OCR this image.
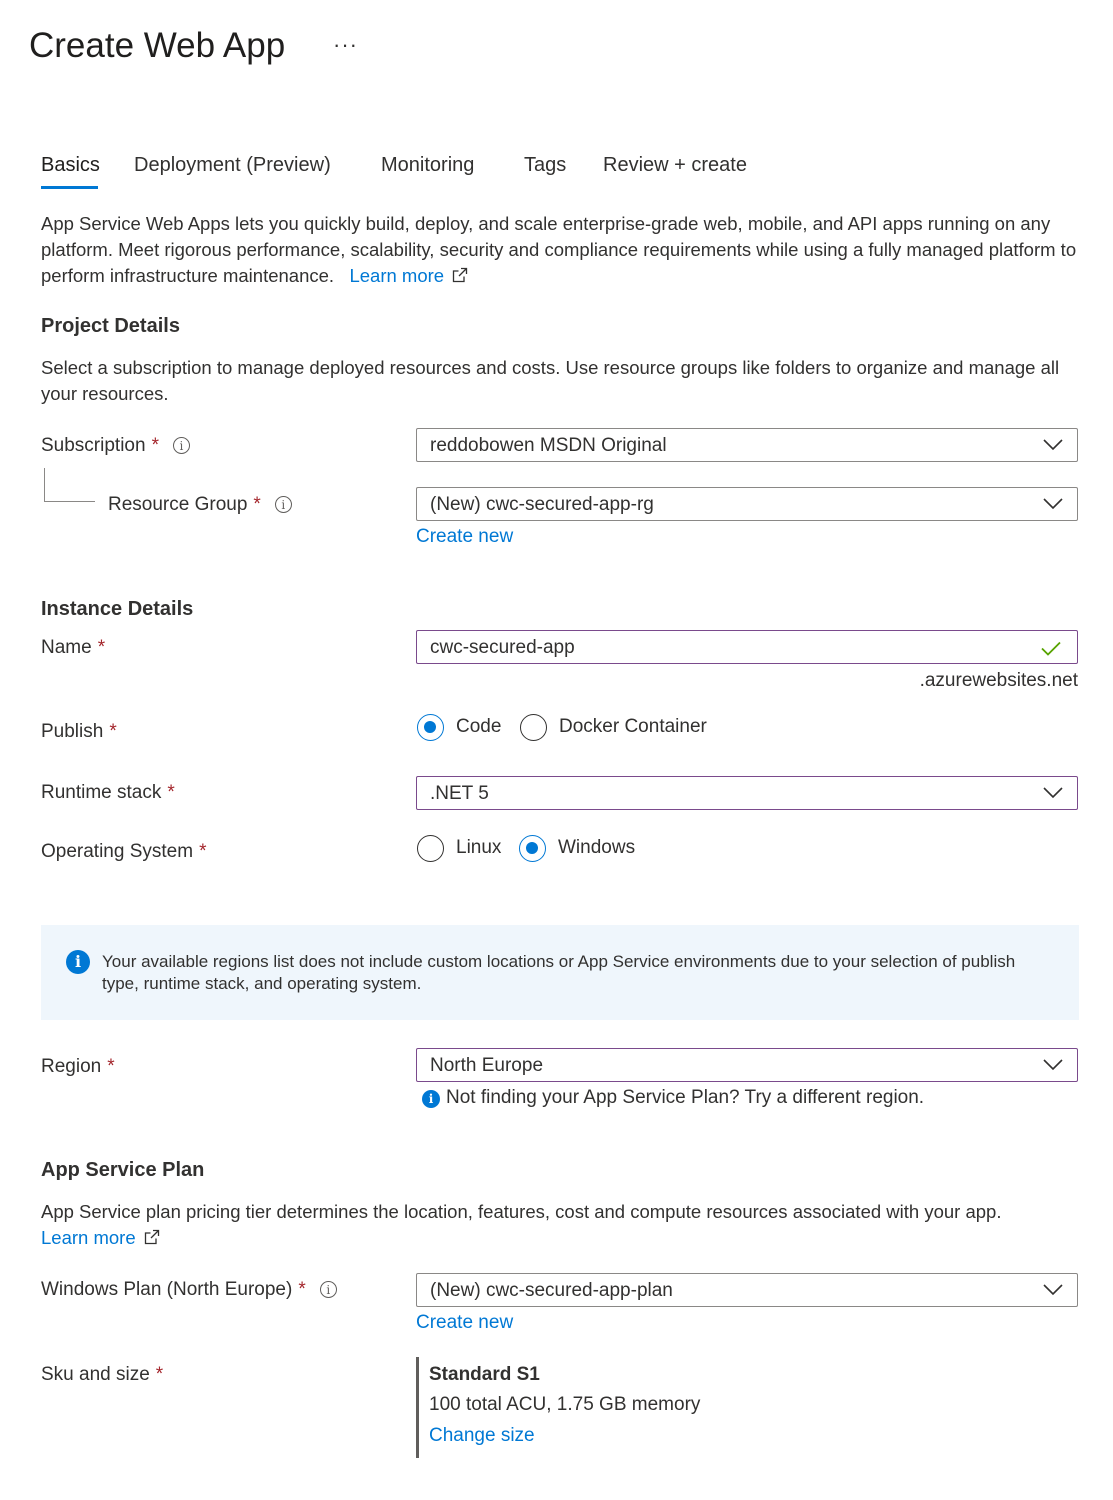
Create Web App ···
Basics Deployment (Preview)	Monitoring Tags Review + create
App Service Web Apps lets you quickly build, deploy, and scale enterprise-grade web, mobile, and API apps running on any platform. Meet rigorous performance, scalability, security and compliance requirements while using a fully managed platform to perform infrastructure maintenance. Learn more
Project Details
Select a subscription to manage deployed resources and costs. Use resource groups like folders to organize and manage all your resources.
Subscription * i	reddobowen MSDN Original
Resource Group * i	(New) cwc-secured-app-rg
Create new
Instance Details
Name *	cwc-secured-app
.azurewebsites.net
Publish *	Code	Docker Container
Runtime stack *	.NET 5
Operating System *	Linux	Windows
i	Your available regions list does not include custom locations or App Service environments due to your selection of publish type, runtime stack, and operating system.
Region *	North Europe
i Not finding your App Service Plan? Try a different region.
App Service Plan
App Service plan pricing tier determines the location, features, cost and compute resources associated with your app.
Learn more
Windows Plan (North Europe) * i	(New) cwc-secured-app-plan
Create new
Sku and size *	Standard S1
100 total ACU, 1.75 GB memory
Change size
